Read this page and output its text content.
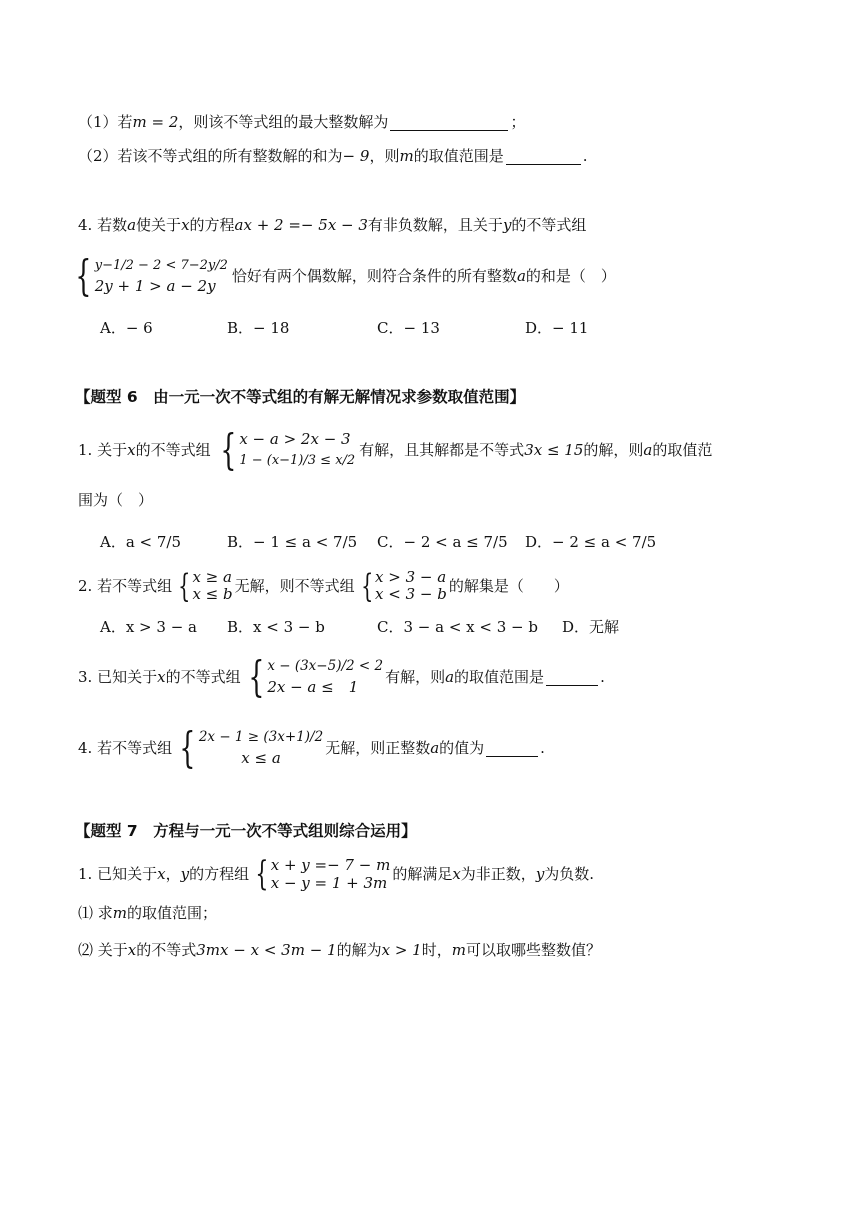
（1）若 m = 2 ，则该不等式组的最大整数解为	；
（2）若该不等式组的所有整数解的和为 − 9 ，则 m 的取值范围是	.
4. 若数 a 使关于 x 的方程 ax + 2 =− 5x − 3 有非负数解，且关于 y 的不等式组
{ y−1/2 − 2 < 7−2y/2
2y + 1 > a − 2y
恰好有两个偶数解，则符合条件的所有整数 a 的和是（　）
A．− 6	B．− 18	C．− 13	D．− 11
【题型 6　由一元一次不等式组的有解无解情况求参数取值范围】
1. 关于 x 的不等式组 { x − a > 2x − 3
1 − (x−1)/3 ≤ x/2
有解，且其解都是不等式 3x ≤ 15 的解，则 a 的取值范
围为（　）
A．a < 7/5	B．− 1 ≤ a < 7/5	C．− 2 < a ≤ 7/5	D．− 2 ≤ a < 7/5
2. 若不等式组 { x ≥ a
x ≤ b 无解，则不等式组 { x > 3 − a
x < 3 − b 的解集是（　　）
A．x > 3 − a	B．x < 3 − b	C．3 − a < x < 3 − b	D．无解
3. 已知关于 x 的不等式组 { x − (3x−5)/2 < 2
2x − a ≤　1
有解，则 a 的取值范围是	.
4. 若不等式组 { 2x − 1 ≥ (3x+1)/2
x ≤ a
无解，则正整数 a 的值为	.
【题型 7　方程与一元一次不等式组则综合运用】
1. 已知关于 x ， y 的方程组 { x + y =− 7 − m
x − y = 1 + 3m 的解满足 x 为非正数， y 为负数.
⑴ 求 m 的取值范围；
⑵ 关于 x 的不等式 3mx − x < 3m − 1 的解为 x > 1 时， m 可以取哪些整数值？
